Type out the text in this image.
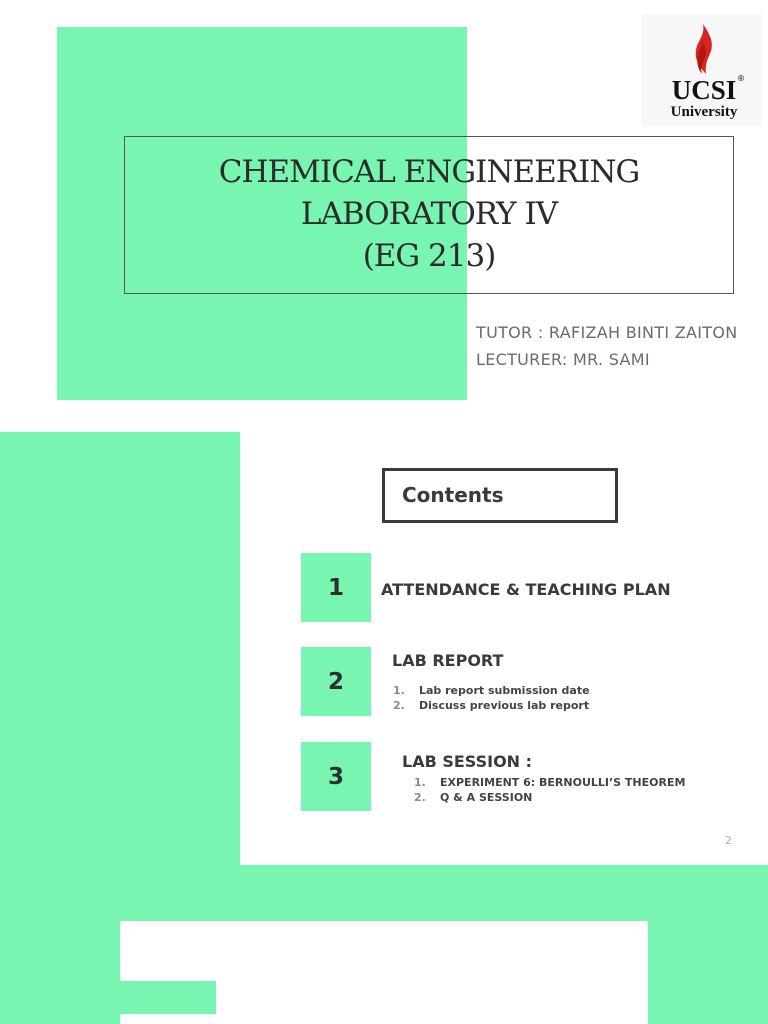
UCSI ®
University
CHEMICAL ENGINEERING
LABORATORY IV
(EG 213)
TUTOR : RAFIZAH BINTI ZAITON
LECTURER: MR. SAMI
Contents
1	ATTENDANCE & TEACHING PLAN
2
LAB REPORT
1. Lab report submission date
2. Discuss previous lab report
3
LAB SESSION :
1. EXPERIMENT 6: BERNOULLI’S THEOREM
2. Q & A SESSION
2
